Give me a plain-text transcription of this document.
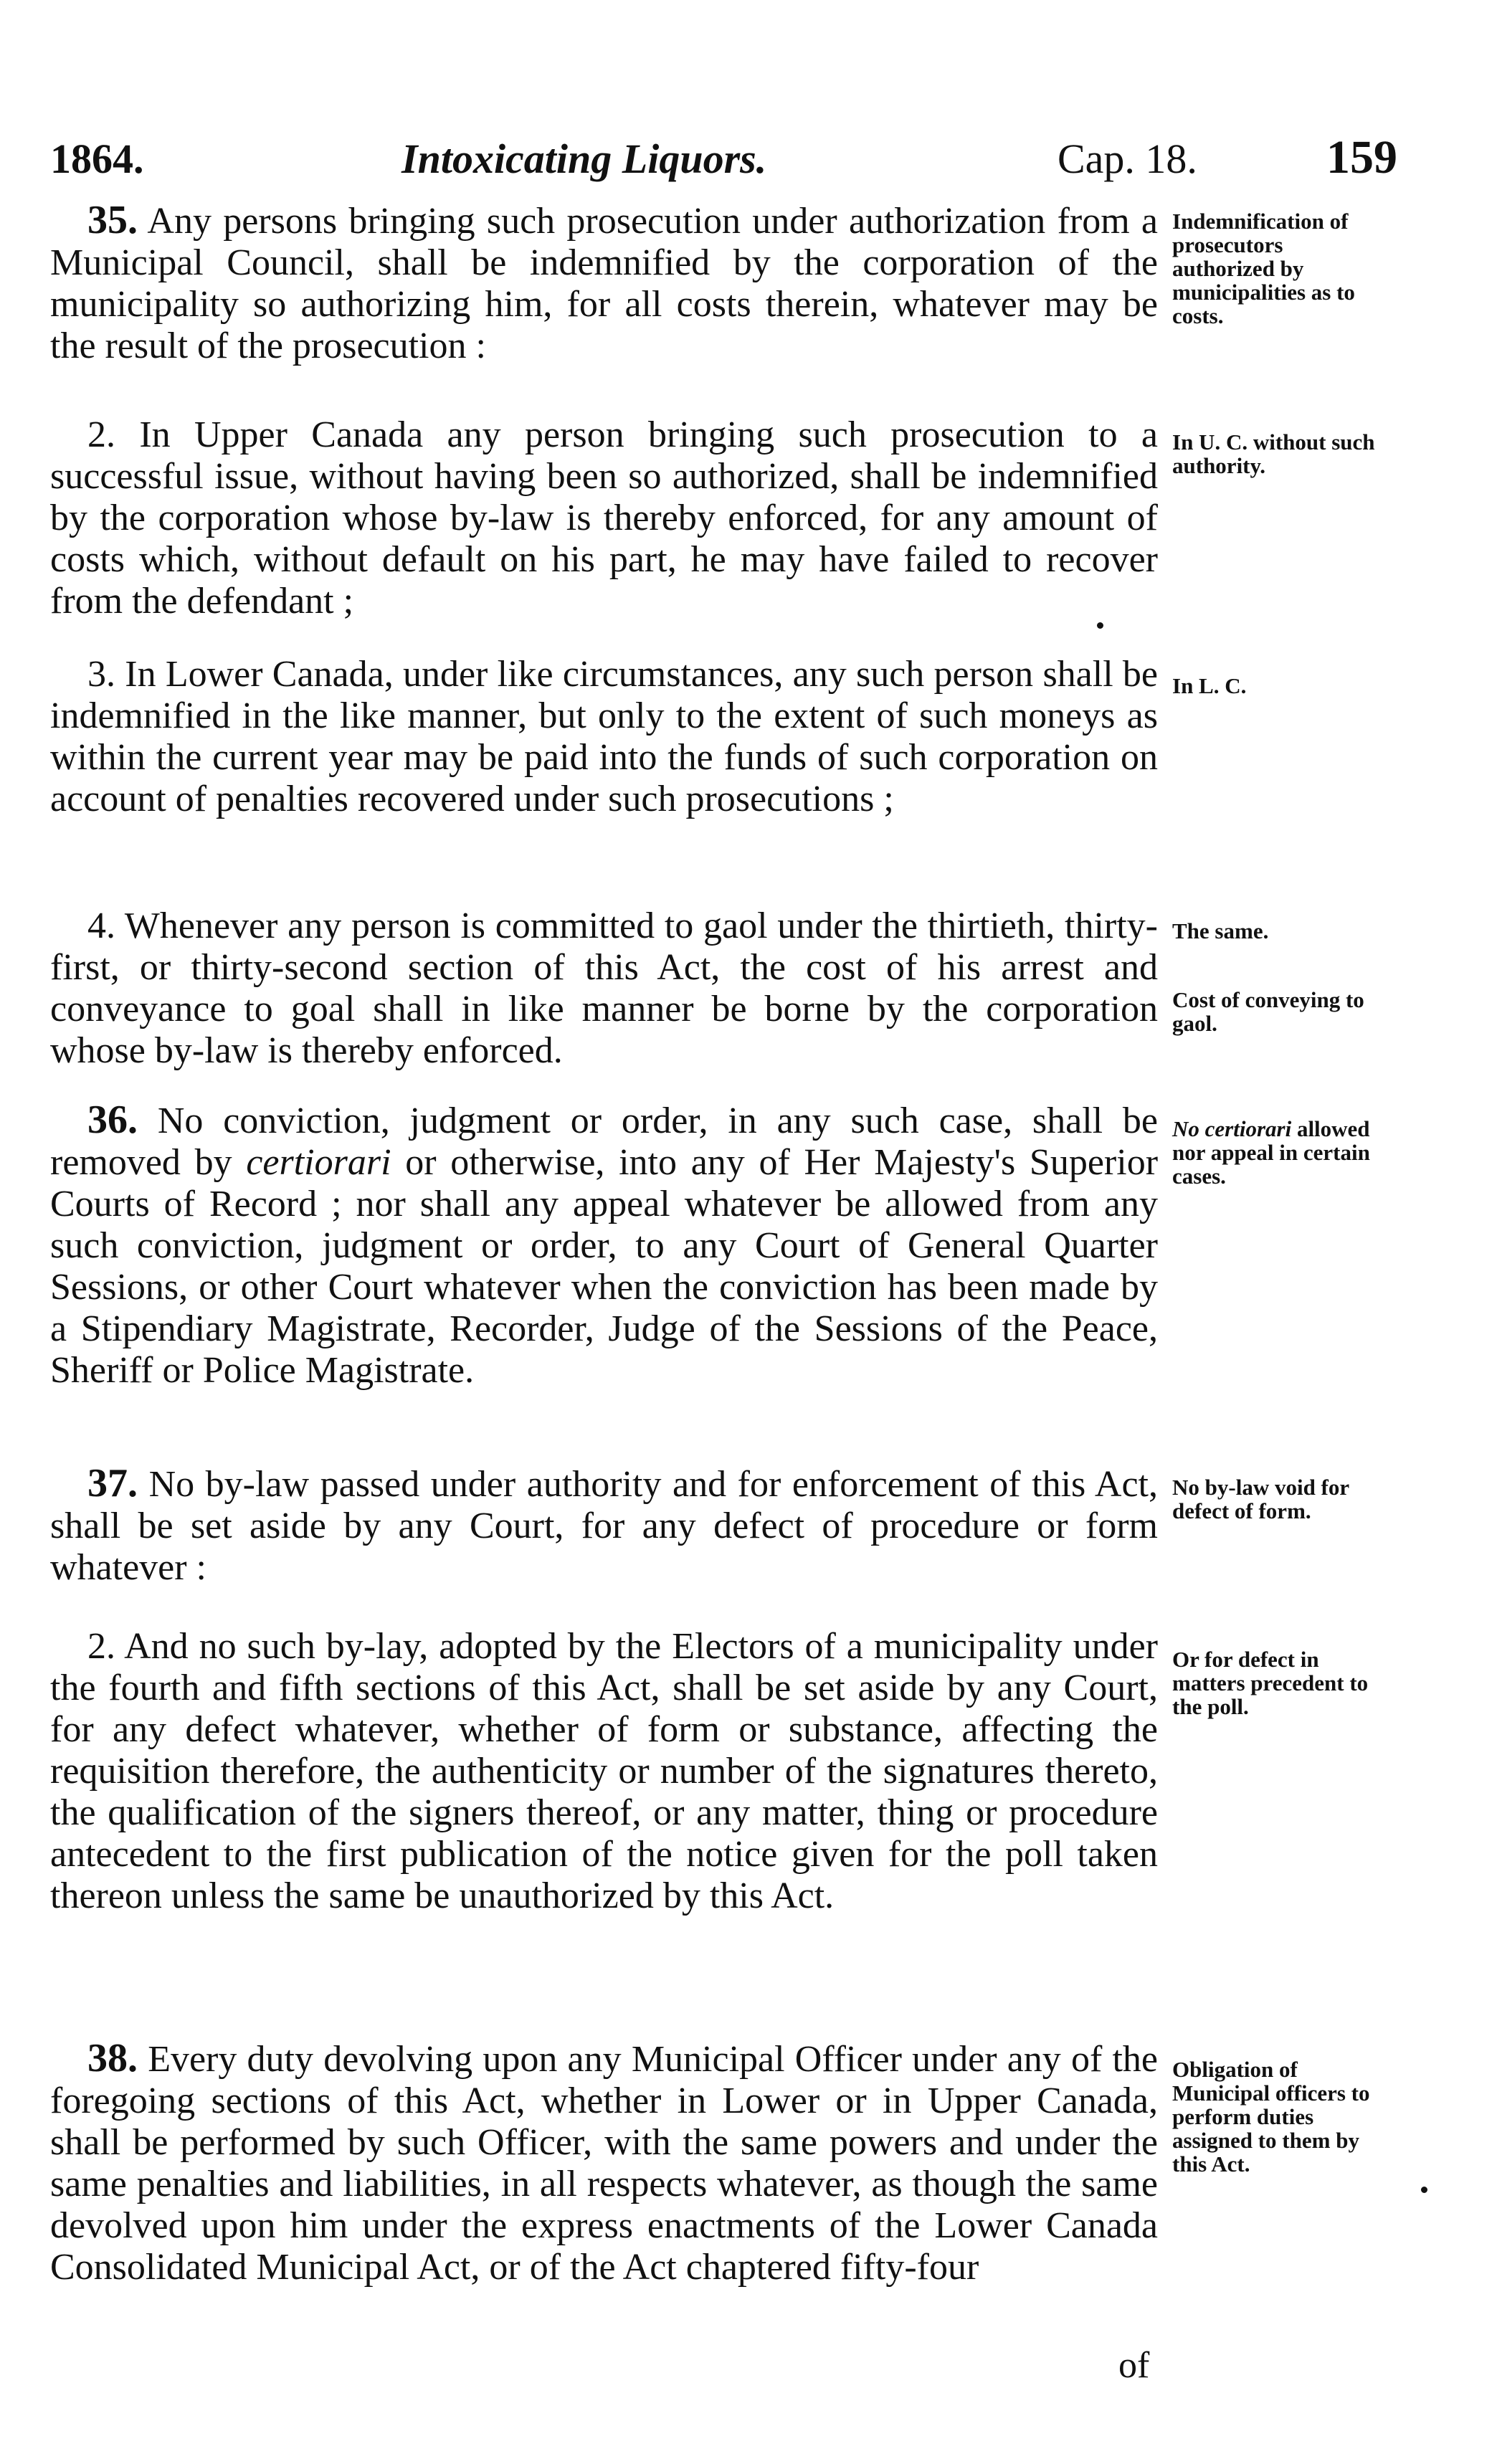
1864.	Intoxicating Liquors.	Cap. 18.	159
35. Any persons bringing such prosecution under authorization from a Municipal Council, shall be indemnified by the corporation of the municipality so authorizing him, for all costs therein, whatever may be the result of the prosecution :
2. In Upper Canada any person bringing such prosecution to a successful issue, without having been so authorized, shall be indemnified by the corporation whose by-law is thereby enforced, for any amount of costs which, without default on his part, he may have failed to recover from the defendant ;
3. In Lower Canada, under like circumstances, any such person shall be indemnified in the like manner, but only to the extent of such moneys as within the current year may be paid into the funds of such corporation on account of penalties recovered under such prosecutions ;
4. Whenever any person is committed to gaol under the thirtieth, thirty-first, or thirty-second section of this Act, the cost of his arrest and conveyance to goal shall in like manner be borne by the corporation whose by-law is thereby enforced.
36. No conviction, judgment or order, in any such case, shall be removed by certiorari or otherwise, into any of Her Majesty's Superior Courts of Record ; nor shall any appeal whatever be allowed from any such conviction, judgment or order, to any Court of General Quarter Sessions, or other Court whatever when the conviction has been made by a Stipendiary Magistrate, Recorder, Judge of the Sessions of the Peace, Sheriff or Police Magistrate.
37. No by-law passed under authority and for enforcement of this Act, shall be set aside by any Court, for any defect of procedure or form whatever :
2. And no such by-lay, adopted by the Electors of a municipality under the fourth and fifth sections of this Act, shall be set aside by any Court, for any defect whatever, whether of form or substance, affecting the requisition therefore, the authenticity or number of the signatures thereto, the qualification of the signers thereof, or any matter, thing or procedure antecedent to the first publication of the notice given for the poll taken thereon unless the same be unauthorized by this Act.
38. Every duty devolving upon any Municipal Officer under any of the foregoing sections of this Act, whether in Lower or in Upper Canada, shall be performed by such Officer, with the same powers and under the same penalties and liabilities, in all respects whatever, as though the same devolved upon him under the express enactments of the Lower Canada Consolidated Municipal Act, or of the Act chaptered fifty-four
Indemnification of prosecutors authorized by municipalities as to costs.
In U. C. without such authority.
In L. C.
The same.
Cost of conveying to gaol.
No certiorari allowed nor appeal in certain cases.
No by-law void for defect of form.
Or for defect in matters precedent to the poll.
Obligation of Municipal officers to perform duties assigned to them by this Act.
of
